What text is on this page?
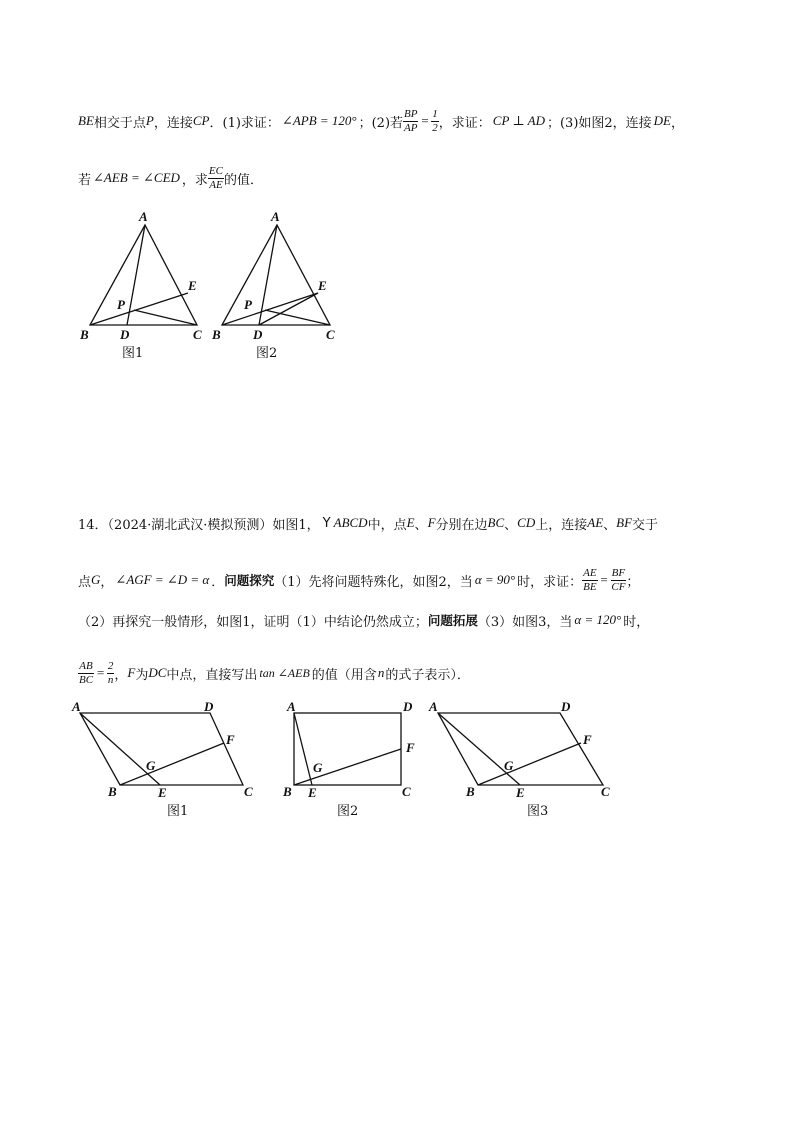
BE 相交于点 P ，连接 CP ．(1)求证： ∠APB = 120° ；(2)若 $\frac{BP}{AP} = \frac{1}{2}$ ，求证： CP ⊥ AD ；(3)如图2，连接 DE ，
若 ∠AEB = ∠CED ，求 $\frac{EC}{AE}$ 的值．
A
B	C
D
E
P
图1
A
B	C
D
E
P
图2
14．（2024·湖北武汉·模拟预测）如图1， Y ABCD 中，点 E 、 F 分别在边 BC 、 CD 上，连接 AE 、 BF 交于
点 G ， ∠AGF = ∠D = α ． 问题探究 （1）先将问题特殊化，如图2，当 α = 90° 时，求证： $\frac{AE}{BE} = \frac{BF}{CF}$ ；
（2）再探究一般情形，如图1，证明（1）中结论仍然成立； 问题拓展 （3）如图3，当 α = 120° 时，
$\frac{AB}{BC} = \frac{2}{n}$ ， F 为 DC 中点，直接写出 tan ∠AEB 的值（用含 n 的式子表示）．
A	D
F
G
B	E	C
图1
A	D
F
G
B E	C
图2
A	D
F
G
B	E	C
图3
